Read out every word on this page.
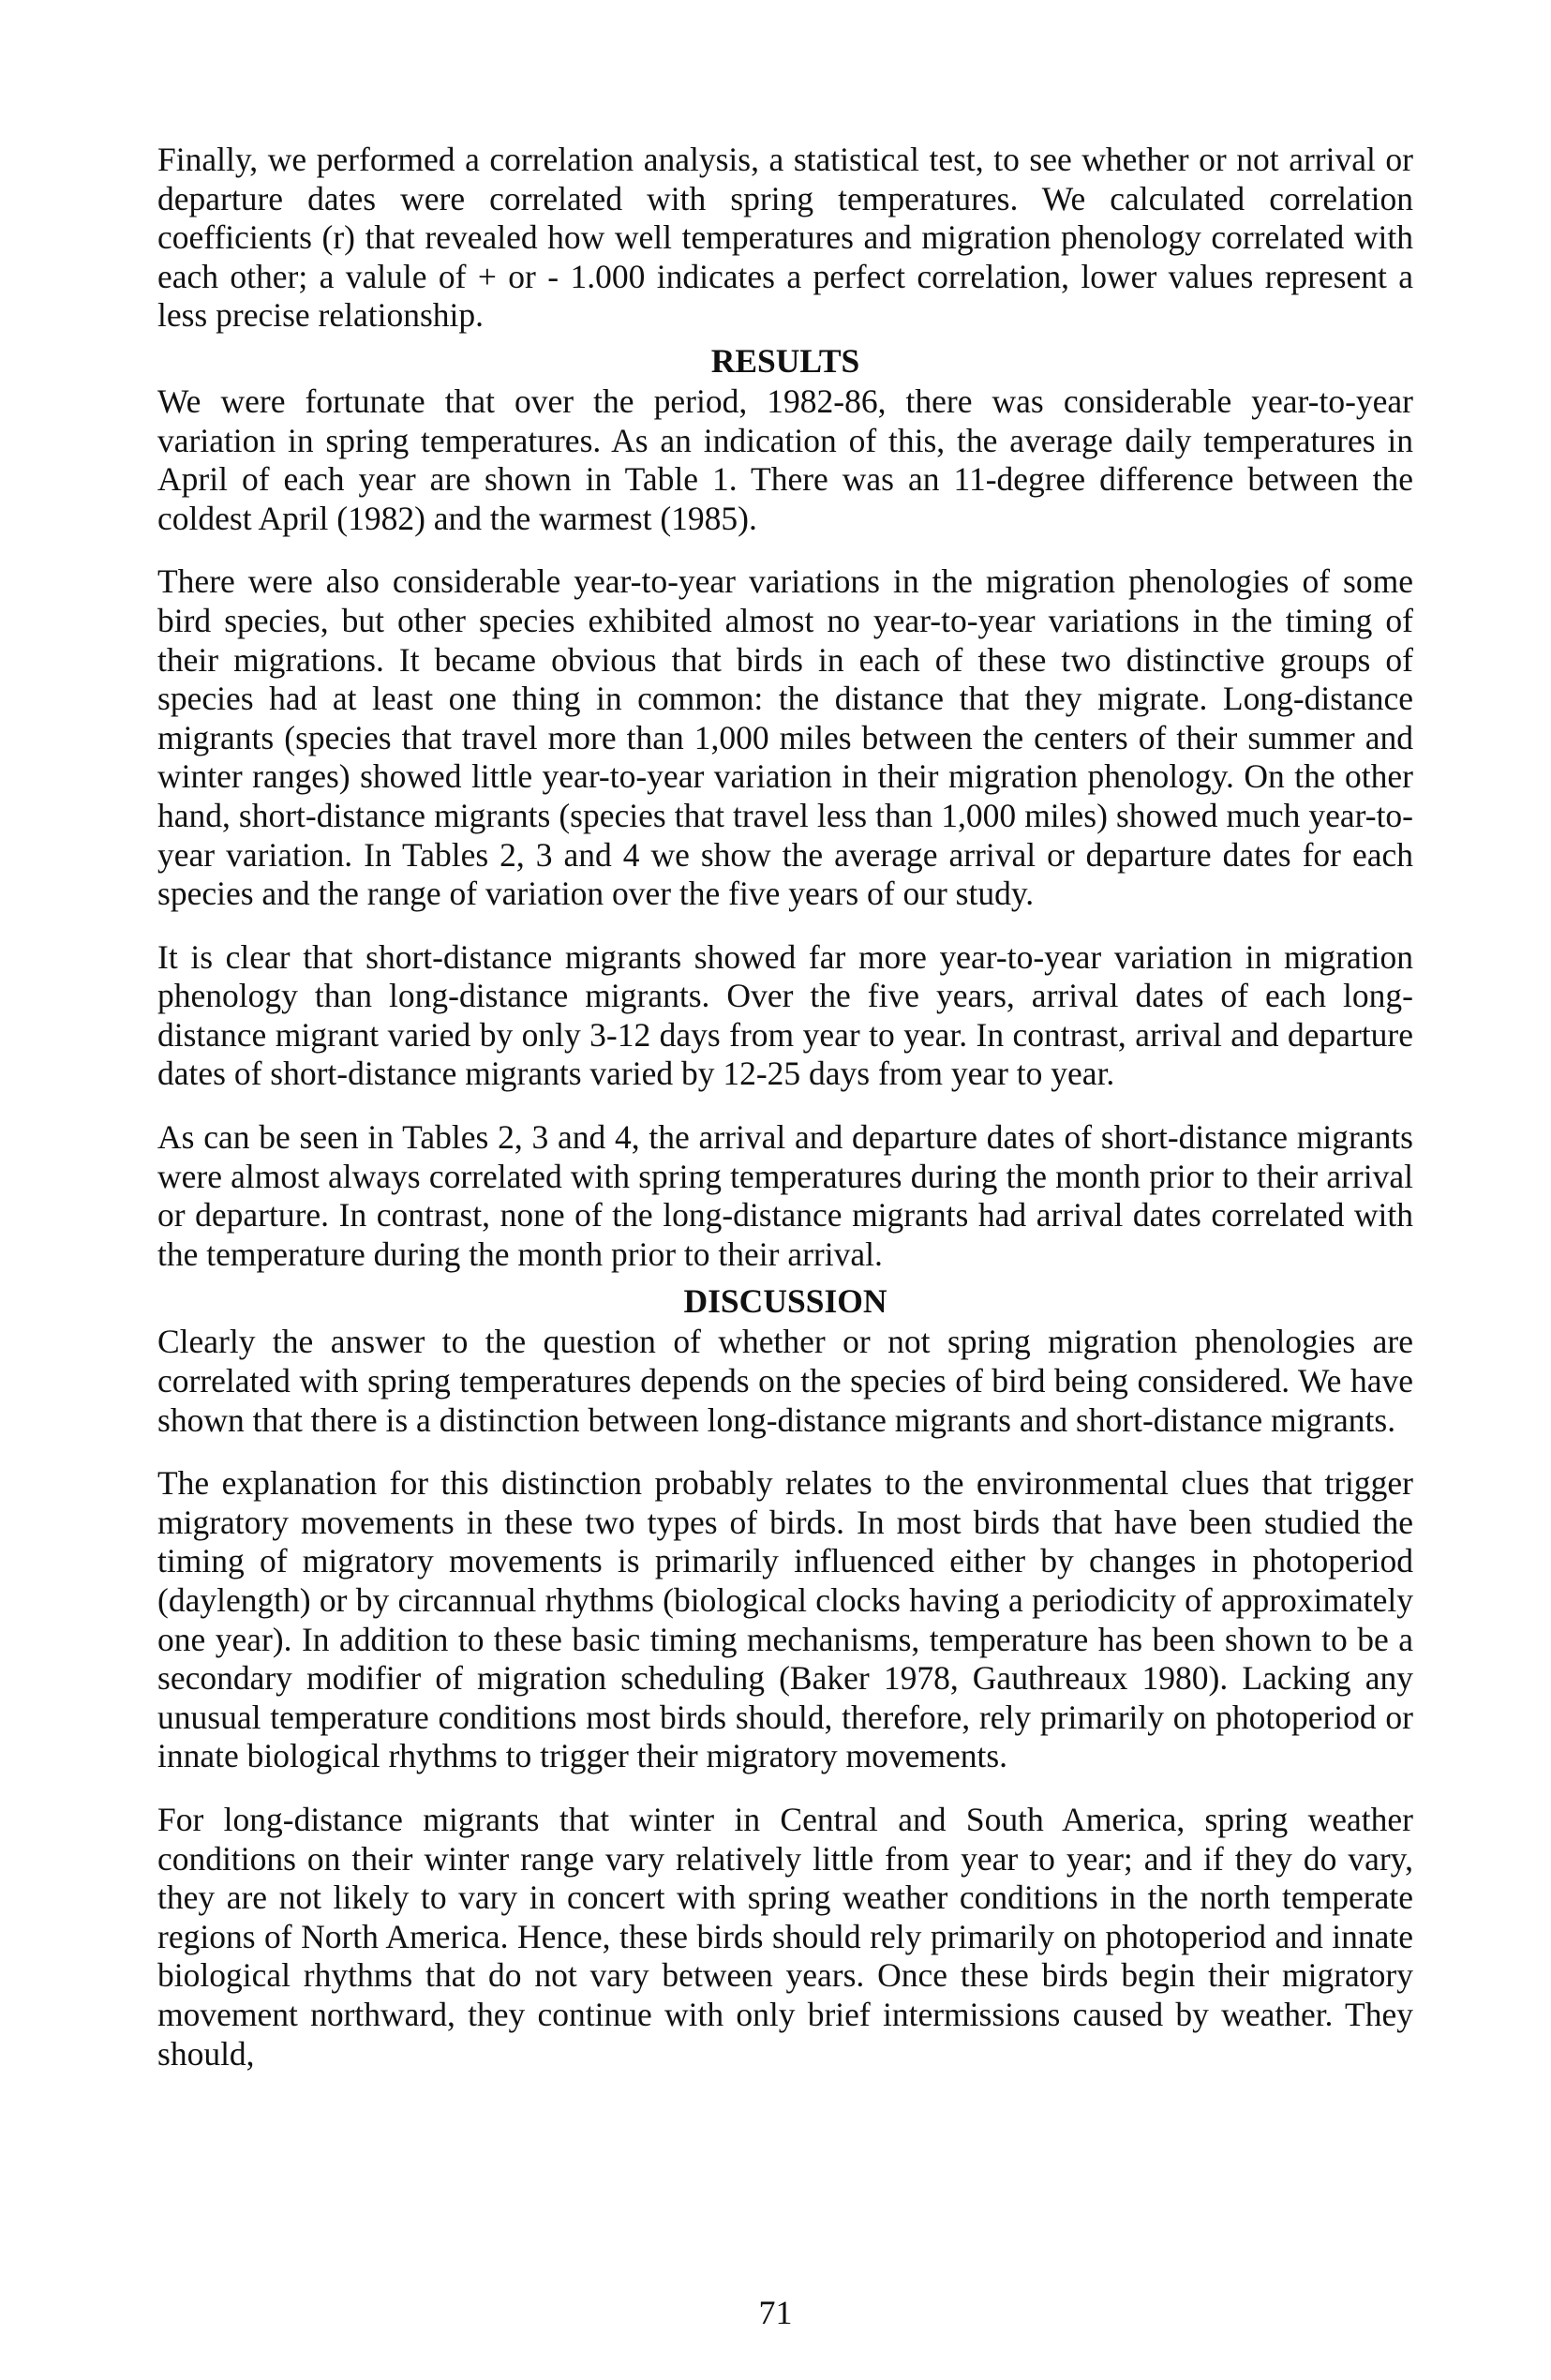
Finally, we performed a correlation analysis, a statistical test, to see whether or not arrival or departure dates were correlated with spring temperatures. We calculated correlation coefficients (r) that revealed how well temperatures and migration phenology correlated with each other; a valule of + or - 1.000 indicates a perfect correlation, lower values represent a less precise relationship.

RESULTS

We were fortunate that over the period, 1982-86, there was considerable year-to-year variation in spring temperatures. As an indication of this, the average daily temperatures in April of each year are shown in Table 1. There was an 11-degree difference between the coldest April (1982) and the warmest (1985).

There were also considerable year-to-year variations in the migration phenologies of some bird species, but other species exhibited almost no year-to-year variations in the timing of their migrations. It became obvious that birds in each of these two distinctive groups of species had at least one thing in common: the distance that they migrate. Long-distance migrants (species that travel more than 1,000 miles between the centers of their summer and winter ranges) showed little year-to-year variation in their migration phenology. On the other hand, short-distance migrants (species that travel less than 1,000 miles) showed much year-to-year variation. In Tables 2, 3 and 4 we show the average arrival or departure dates for each species and the range of variation over the five years of our study.

It is clear that short-distance migrants showed far more year-to-year variation in migration phenology than long-distance migrants. Over the five years, arrival dates of each long-distance migrant varied by only 3-12 days from year to year. In contrast, arrival and departure dates of short-distance migrants varied by 12-25 days from year to year.

As can be seen in Tables 2, 3 and 4, the arrival and departure dates of short-distance migrants were almost always correlated with spring temperatures during the month prior to their arrival or departure. In contrast, none of the long-distance migrants had arrival dates correlated with the temperature during the month prior to their arrival.

DISCUSSION

Clearly the answer to the question of whether or not spring migration phenologies are correlated with spring temperatures depends on the species of bird being considered. We have shown that there is a distinction between long-distance migrants and short-distance migrants.

The explanation for this distinction probably relates to the environmental clues that trigger migratory movements in these two types of birds. In most birds that have been studied the timing of migratory movements is primarily influenced either by changes in photoperiod (daylength) or by circannual rhythms (biological clocks having a periodicity of approximately one year). In addition to these basic timing mechanisms, temperature has been shown to be a secondary modifier of migration scheduling (Baker 1978, Gauthreaux 1980). Lacking any unusual temperature conditions most birds should, therefore, rely primarily on photoperiod or innate biological rhythms to trigger their migratory movements.

For long-distance migrants that winter in Central and South America, spring weather conditions on their winter range vary relatively little from year to year; and if they do vary, they are not likely to vary in concert with spring weather conditions in the north temperate regions of North America. Hence, these birds should rely primarily on photoperiod and innate biological rhythms that do not vary between years. Once these birds begin their migratory movement northward, they continue with only brief intermissions caused by weather. They should,

71
